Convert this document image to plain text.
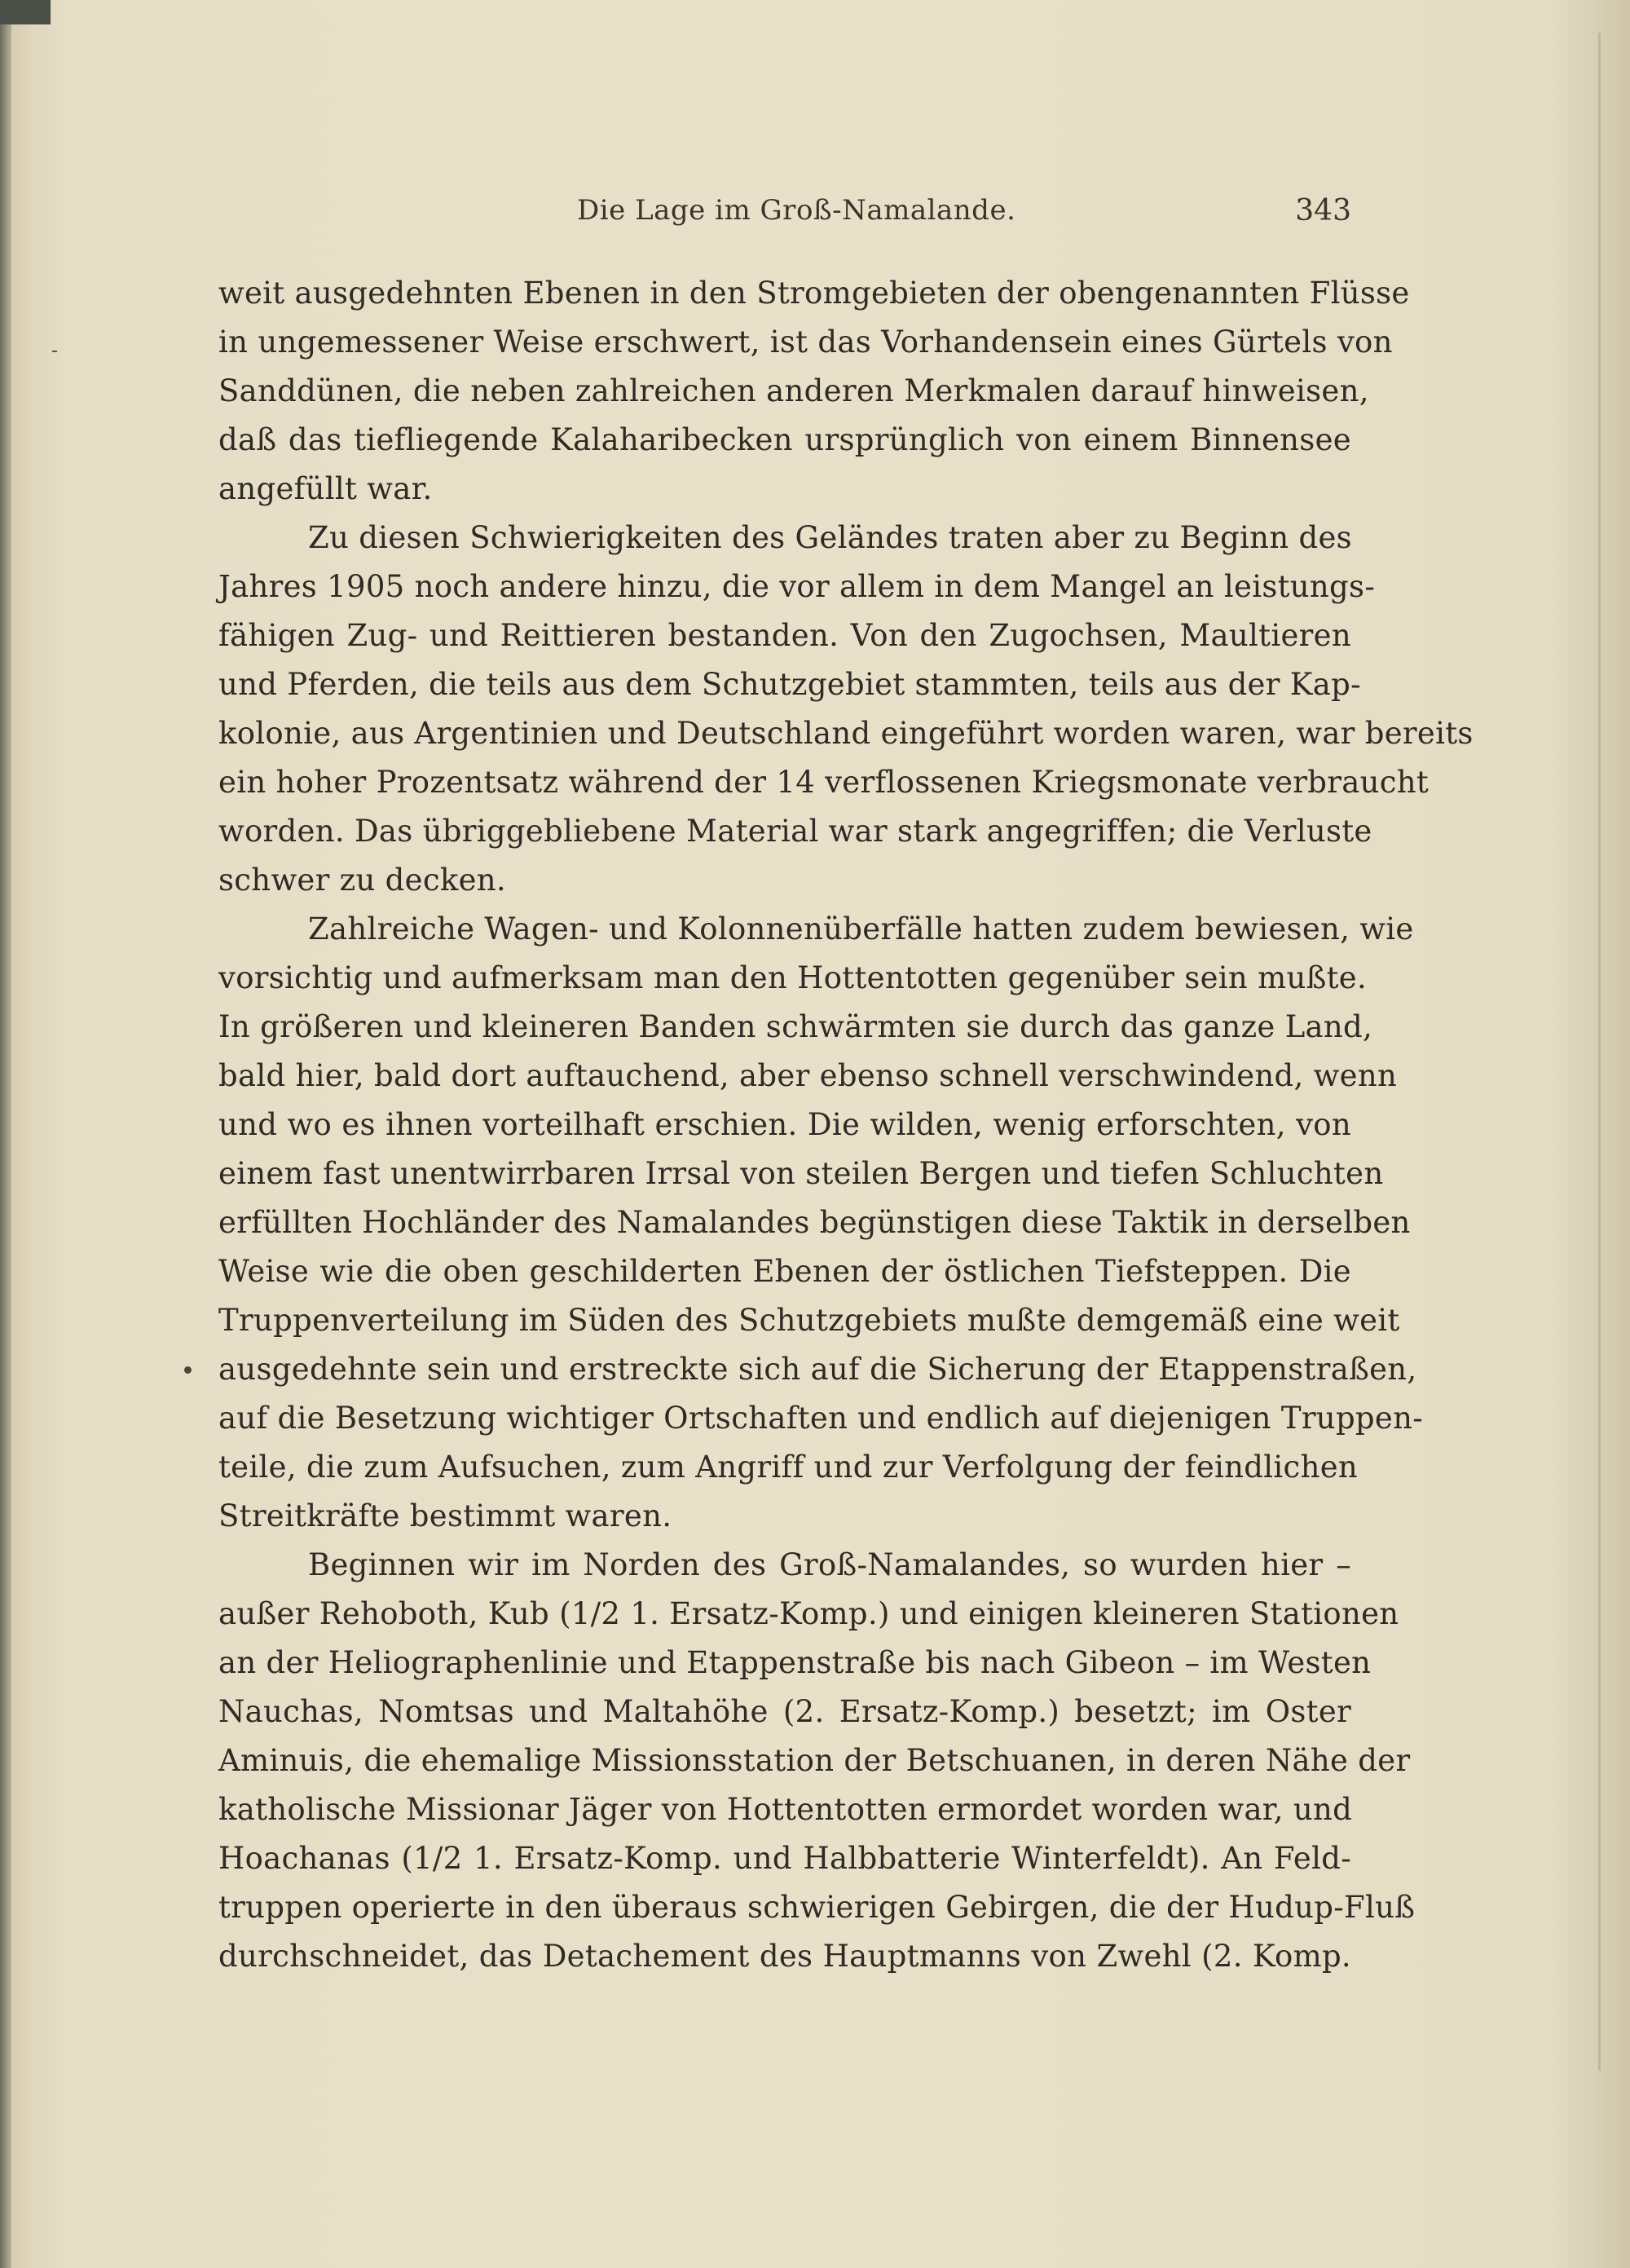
Die Lage im Groß-Namalande.	343
weit ausgedehnten Ebenen in den Stromgebieten der obengenannten Flüsse
in ungemessener Weise erschwert, ist das Vorhandensein eines Gürtels von
Sanddünen, die neben zahlreichen anderen Merkmalen darauf hinweisen,
daß das tiefliegende Kalaharibecken ursprünglich von einem Binnensee
angefüllt war.
Zu diesen Schwierigkeiten des Geländes traten aber zu Beginn des
Jahres 1905 noch andere hinzu, die vor allem in dem Mangel an leistungs-
fähigen Zug- und Reittieren bestanden. Von den Zugochsen, Maultieren
und Pferden, die teils aus dem Schutzgebiet stammten, teils aus der Kap-
kolonie, aus Argentinien und Deutschland eingeführt worden waren, war bereits
ein hoher Prozentsatz während der 14 verflossenen Kriegsmonate verbraucht
worden. Das übriggebliebene Material war stark angegriffen; die Verluste
schwer zu decken.
Zahlreiche Wagen- und Kolonnenüberfälle hatten zudem bewiesen, wie
vorsichtig und aufmerksam man den Hottentotten gegenüber sein mußte.
In größeren und kleineren Banden schwärmten sie durch das ganze Land,
bald hier, bald dort auftauchend, aber ebenso schnell verschwindend, wenn
und wo es ihnen vorteilhaft erschien. Die wilden, wenig erforschten, von
einem fast unentwirrbaren Irrsal von steilen Bergen und tiefen Schluchten
erfüllten Hochländer des Namalandes begünstigen diese Taktik in derselben
Weise wie die oben geschilderten Ebenen der östlichen Tiefsteppen. Die
Truppenverteilung im Süden des Schutzgebiets mußte demgemäß eine weit
ausgedehnte sein und erstreckte sich auf die Sicherung der Etappenstraßen,
auf die Besetzung wichtiger Ortschaften und endlich auf diejenigen Truppen-
teile, die zum Aufsuchen, zum Angriff und zur Verfolgung der feindlichen
Streitkräfte bestimmt waren.
Beginnen wir im Norden des Groß-Namalandes, so wurden hier –
außer Rehoboth, Kub (1/2 1. Ersatz-Komp.) und einigen kleineren Stationen
an der Heliographenlinie und Etappenstraße bis nach Gibeon – im Westen
Nauchas, Nomtsas und Maltahöhe (2. Ersatz-Komp.) besetzt; im Oster
Aminuis, die ehemalige Missionsstation der Betschuanen, in deren Nähe der
katholische Missionar Jäger von Hottentotten ermordet worden war, und
Hoachanas (1/2 1. Ersatz-Komp. und Halbbatterie Winterfeldt). An Feld-
truppen operierte in den überaus schwierigen Gebirgen, die der Hudup-Fluß
durchschneidet, das Detachement des Hauptmanns von Zwehl (2. Komp.
